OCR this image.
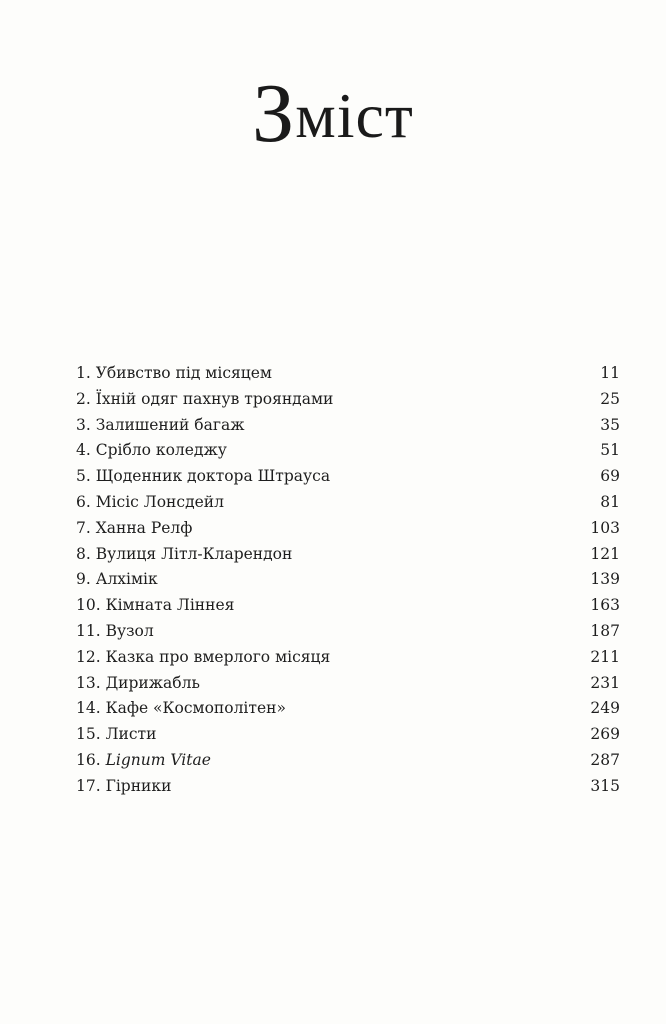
Зміст
1. Убивство під місяцем	11
2. Їхній одяг пахнув трояндами	25
3. Залишений багаж	35
4. Срібло коледжу	51
5. Щоденник доктора Штрауса	69
6. Місіс Лонсдейл	81
7. Ханна Релф	103
8. Вулиця Літл-Кларендон	121
9. Алхімік	139
10. Кімната Ліннея	163
11. Вузол	187
12. Казка про вмерлого місяця	211
13. Дирижабль	231
14. Кафе «Космополітен»	249
15. Листи	269
16. Lignum Vitae	287
17. Гірники	315
